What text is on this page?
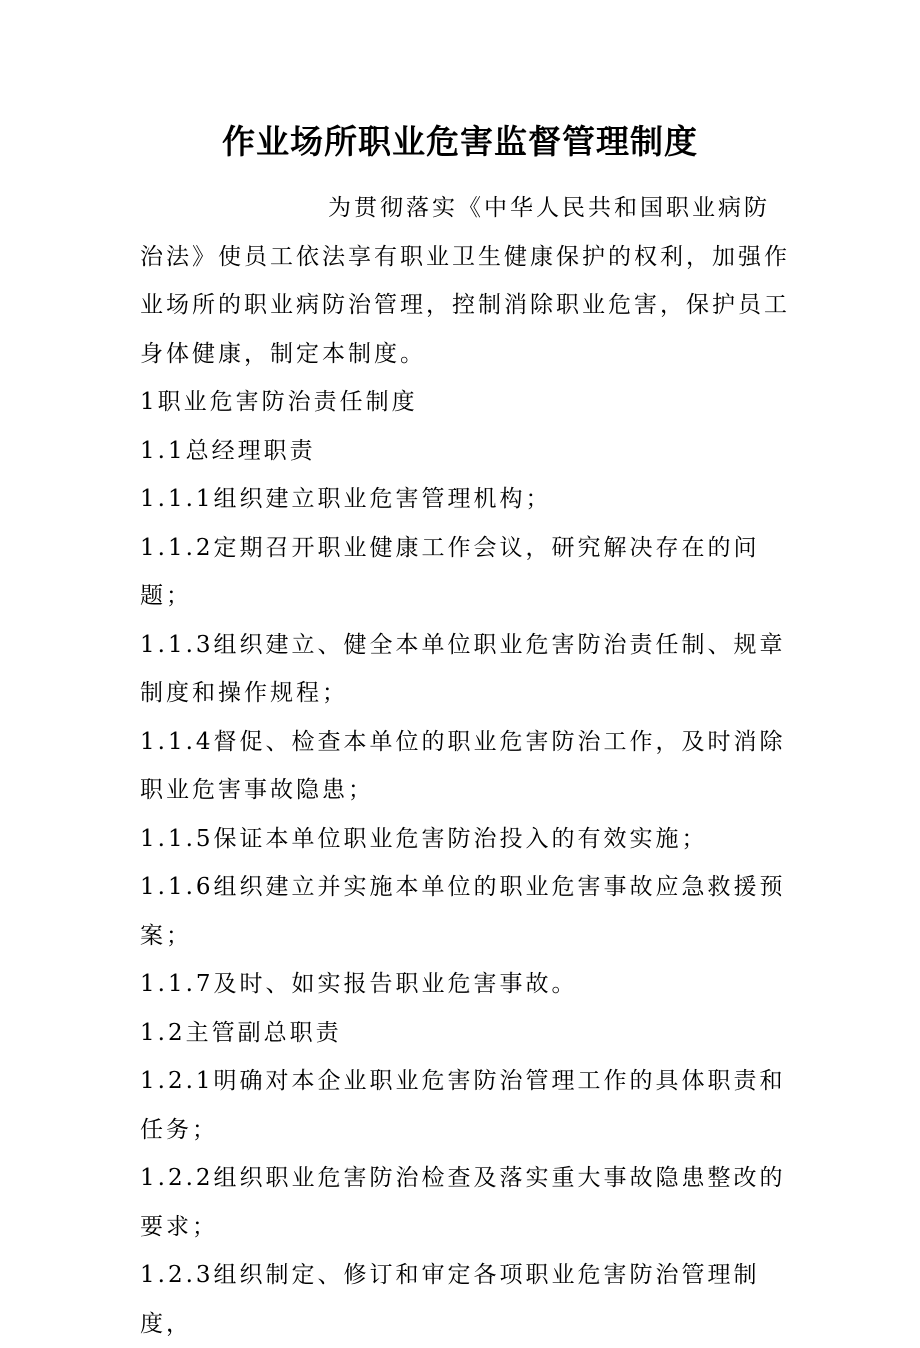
作业场所职业危害监督管理制度

为贯彻落实《中华人民共和国职业病防治法》使员工依法享有职业卫生健康保护的权利，加强作业场所的职业病防治管理，控制消除职业危害，保护员工身体健康，制定本制度。

1职业危害防治责任制度

1.1总经理职责

1.1.1组织建立职业危害管理机构；

1.1.2定期召开职业健康工作会议，研究解决存在的问题；

1.1.3组织建立、健全本单位职业危害防治责任制、规章制度和操作规程；

1.1.4督促、检查本单位的职业危害防治工作，及时消除职业危害事故隐患；

1.1.5保证本单位职业危害防治投入的有效实施；

1.1.6组织建立并实施本单位的职业危害事故应急救援预案；

1.1.7及时、如实报告职业危害事故。

1.2主管副总职责

1.2.1明确对本企业职业危害防治管理工作的具体职责和任务；

1.2.2组织职业危害防治检查及落实重大事故隐患整改的要求；

1.2.3组织制定、修订和审定各项职业危害防治管理制度，
